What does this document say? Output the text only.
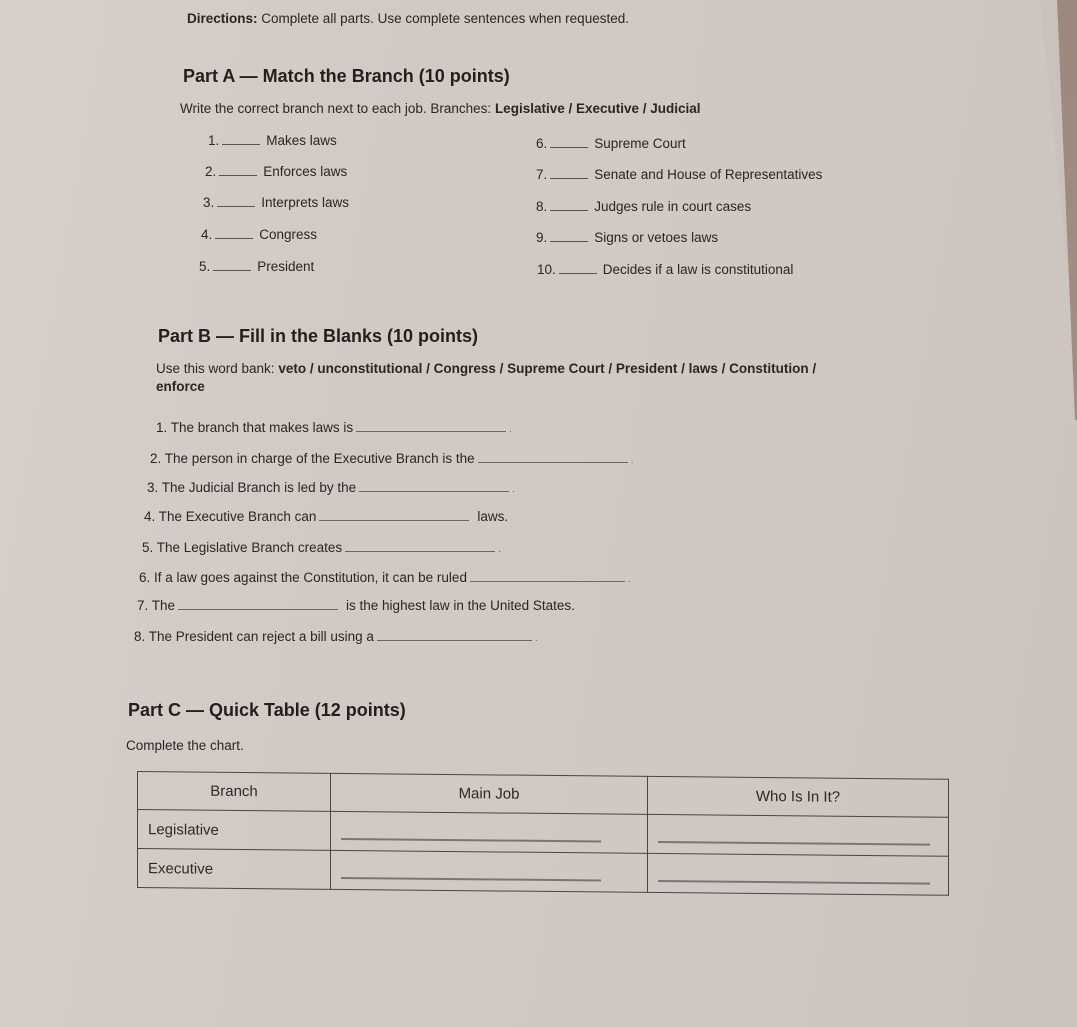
Directions: Complete all parts. Use complete sentences when requested.
Part A — Match the Branch (10 points)
Write the correct branch next to each job. Branches: Legislative / Executive / Judicial
1.	Makes laws
2.	Enforces laws
3.	Interprets laws
4.	Congress
5.	President
6.	Supreme Court
7.	Senate and House of Representatives
8.	Judges rule in court cases
9.	Signs or vetoes laws
10.	Decides if a law is constitutional
Part B — Fill in the Blanks (10 points)
Use this word bank: veto / unconstitutional / Congress / Supreme Court / President / laws / Constitution /
enforce
1. The branch that makes laws is	.
2. The person in charge of the Executive Branch is the	.
3. The Judicial Branch is led by the	.
4. The Executive Branch can	laws.
5. The Legislative Branch creates	.
6. If a law goes against the Constitution, it can be ruled	.
7. The	is the highest law in the United States.
8. The President can reject a bill using a	.
Part C — Quick Table (12 points)
Complete the chart.
Branch	Main Job	Who Is In It?
Legislative	

Executive	
